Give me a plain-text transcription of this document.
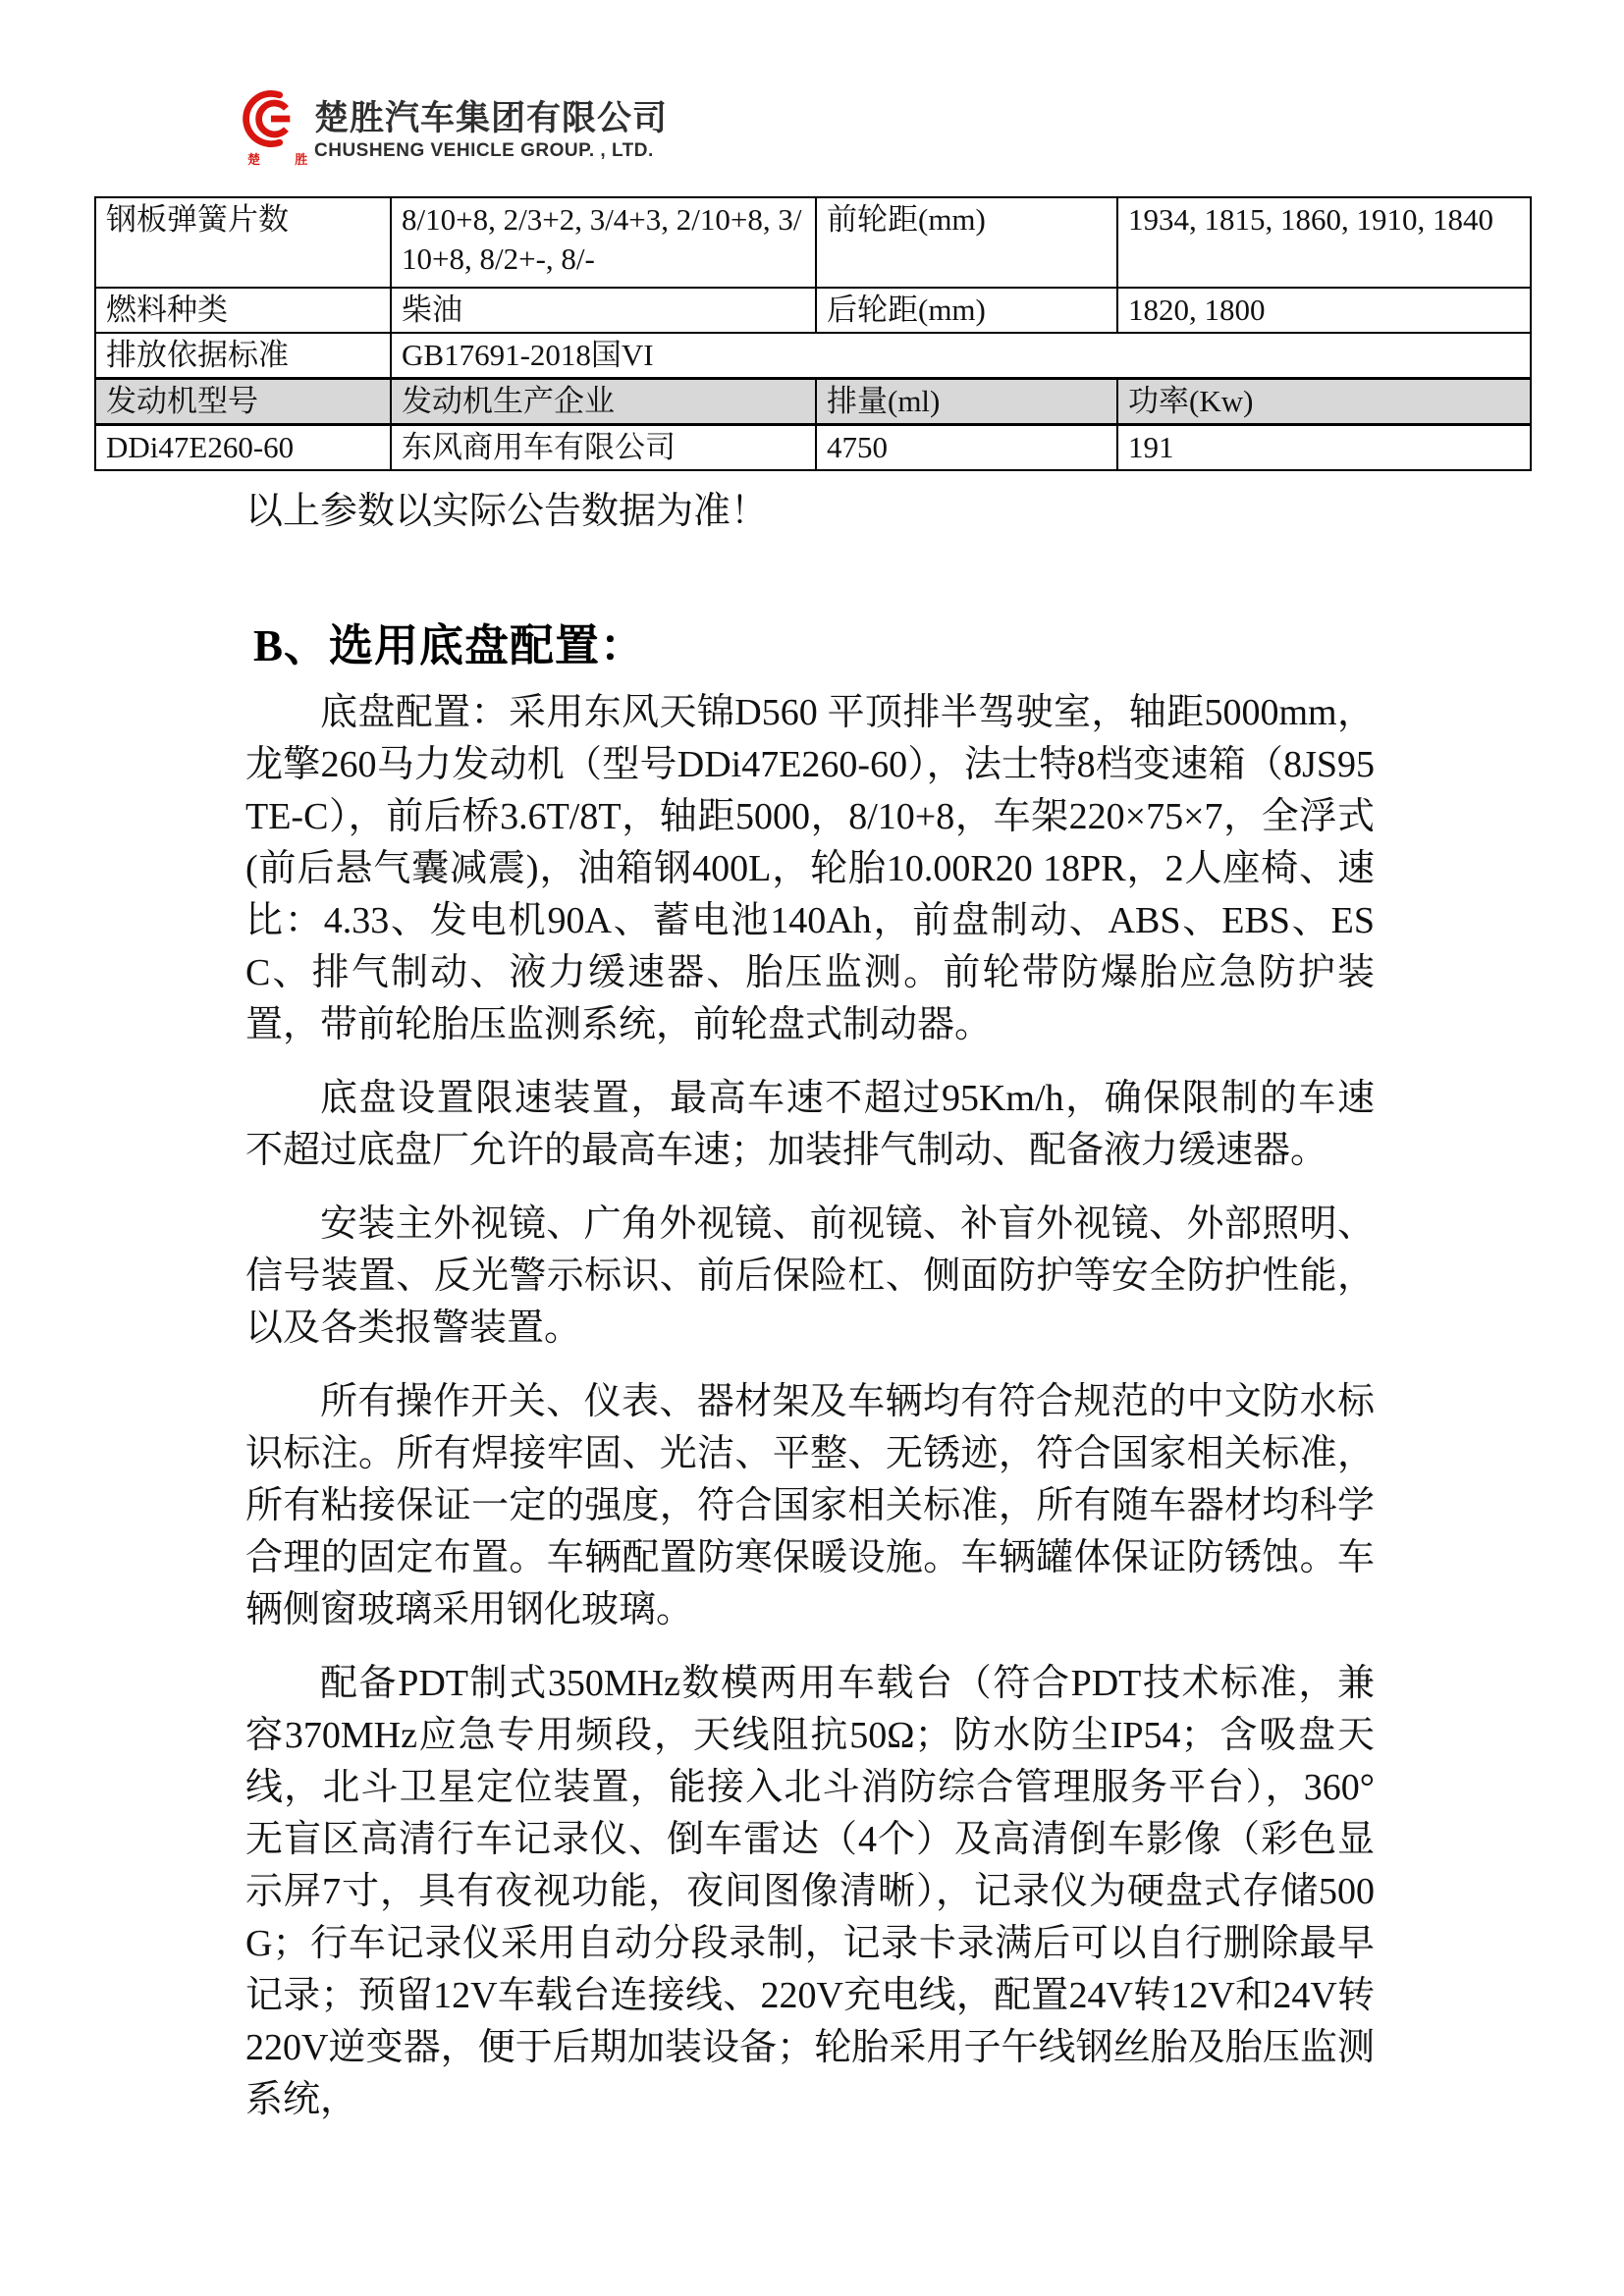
楚 胜
楚胜汽车集团有限公司
CHUSHENG VEHICLE GROUP. , LTD.
钢板弹簧片数	8/10+8, 2/3+2, 3/4+3, 2/10+8, 3/10+8, 8/2+-, 8/-	前轮距(mm)	1934, 1815, 1860, 1910, 1840
燃料种类	柴油	后轮距(mm)	1820, 1800
排放依据标准	GB17691-2018国VI		
发动机型号	发动机生产企业	排量(ml)	功率(Kw)
DDi47E260-60	东风商用车有限公司	4750	191

以上参数以实际公告数据为准！

B、选用底盘配置：

底盘配置：采用东风天锦D560 平顶排半驾驶室，轴距5000mm，龙擎260马力发动机（型号DDi47E260-60），法士特8档变速箱（8JS95TE-C），前后桥3.6T/8T，轴距5000，8/10+8，车架220×75×7，全浮式(前后悬气囊减震)，油箱钢400L，轮胎10.00R20 18PR，2人座椅、速比：4.33、发电机90A、蓄电池140Ah，前盘制动、ABS、EBS、ESC、排气制动、液力缓速器、胎压监测。前轮带防爆胎应急防护装置，带前轮胎压监测系统，前轮盘式制动器。

底盘设置限速装置，最高车速不超过95Km/h，确保限制的车速不超过底盘厂允许的最高车速；加装排气制动、配备液力缓速器。

安装主外视镜、广角外视镜、前视镜、补盲外视镜、外部照明、信号装置、反光警示标识、前后保险杠、侧面防护等安全防护性能，以及各类报警装置。

所有操作开关、仪表、器材架及车辆均有符合规范的中文防水标识标注。所有焊接牢固、光洁、平整、无锈迹，符合国家相关标准，所有粘接保证一定的强度，符合国家相关标准，所有随车器材均科学合理的固定布置。车辆配置防寒保暖设施。车辆罐体保证防锈蚀。车辆侧窗玻璃采用钢化玻璃。

配备PDT制式350MHz数模两用车载台（符合PDT技术标准，兼容370MHz应急专用频段，天线阻抗50Ω；防水防尘IP54；含吸盘天线，北斗卫星定位装置，能接入北斗消防综合管理服务平台），360°无盲区高清行车记录仪、倒车雷达（4个）及高清倒车影像（彩色显示屏7寸，具有夜视功能，夜间图像清晰），记录仪为硬盘式存储500G；行车记录仪采用自动分段录制，记录卡录满后可以自行删除最早记录；预留12V车载台连接线、220V充电线，配置24V转12V和24V转220V逆变器，便于后期加装设备；轮胎采用子午线钢丝胎及胎压监测系统，
